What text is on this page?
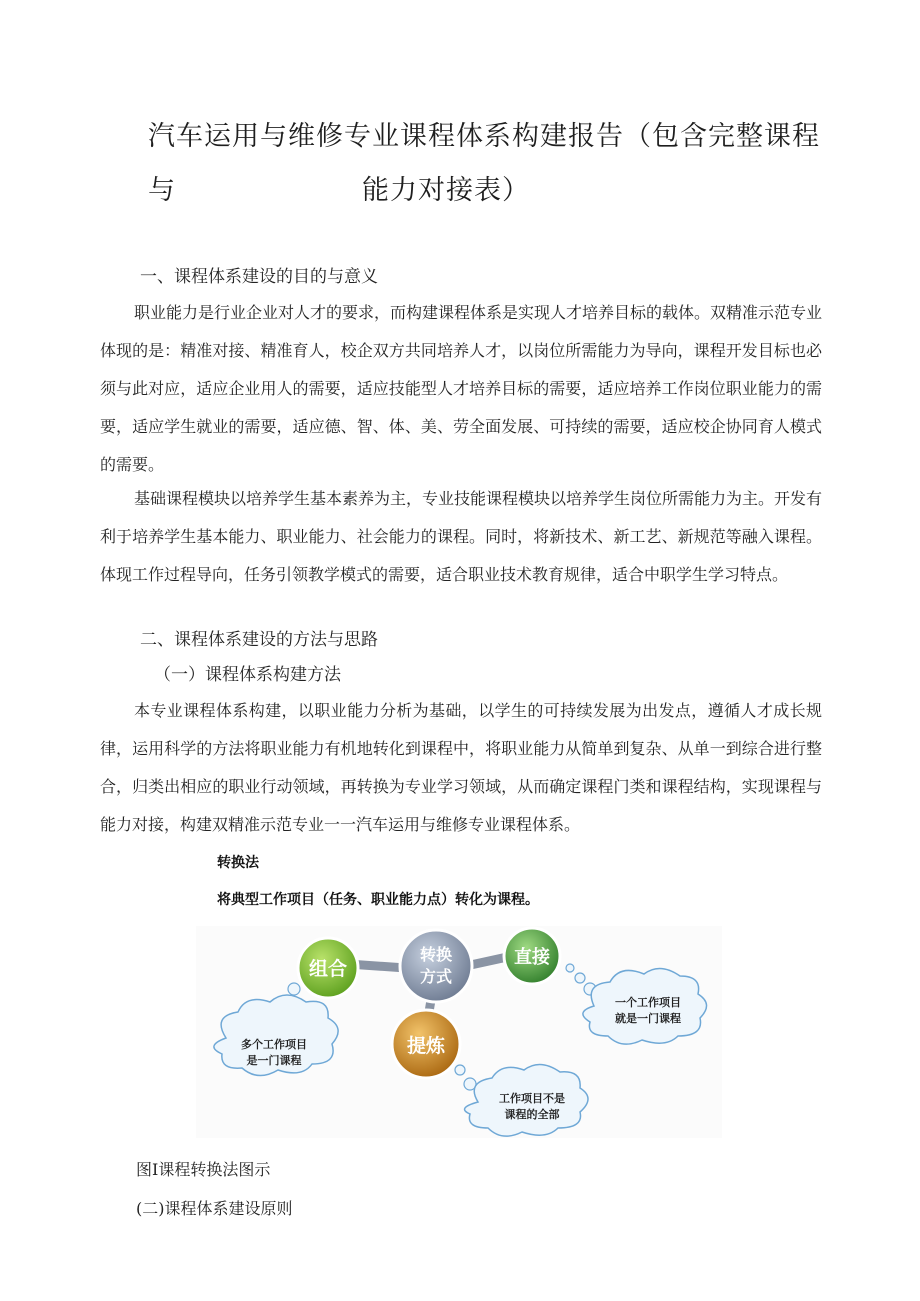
汽车运用与维修专业课程体系构建报告（包含完整课程与	能力对接表）
一、课程体系建设的目的与意义
职业能力是行业企业对人才的要求，而构建课程体系是实现人才培养目标的载体。双精准示范专业体现的是：精准对接、精准育人，校企双方共同培养人才，以岗位所需能力为导向，课程开发目标也必须与此对应，适应企业用人的需要，适应技能型人才培养目标的需要，适应培养工作岗位职业能力的需要，适应学生就业的需要，适应德、智、体、美、劳全面发展、可持续的需要，适应校企协同育人模式的需要。
基础课程模块以培养学生基本素养为主，专业技能课程模块以培养学生岗位所需能力为主。开发有利于培养学生基本能力、职业能力、社会能力的课程。同时，将新技术、新工艺、新规范等融入课程。体现工作过程导向，任务引领教学模式的需要，适合职业技术教育规律，适合中职学生学习特点。
二、课程体系建设的方法与思路
（一）课程体系构建方法
本专业课程体系构建，以职业能力分析为基础，以学生的可持续发展为出发点，遵循人才成长规律，运用科学的方法将职业能力有机地转化到课程中，将职业能力从简单到复杂、从单一到综合进行整合，归类出相应的职业行动领域，再转换为专业学习领域，从而确定课程门类和课程结构，实现课程与能力对接，构建双精准示范专业一一汽车运用与维修专业课程体系。
转换法
将典型工作项目（任务、职业能力点）转化为课程。
组合
转换
方式
直接
提炼
多个工作项目
是一门课程
一个工作项目
就是一门课程
工作项目不是
课程的全部
图I课程转换法图示
(二)课程体系建设原则
